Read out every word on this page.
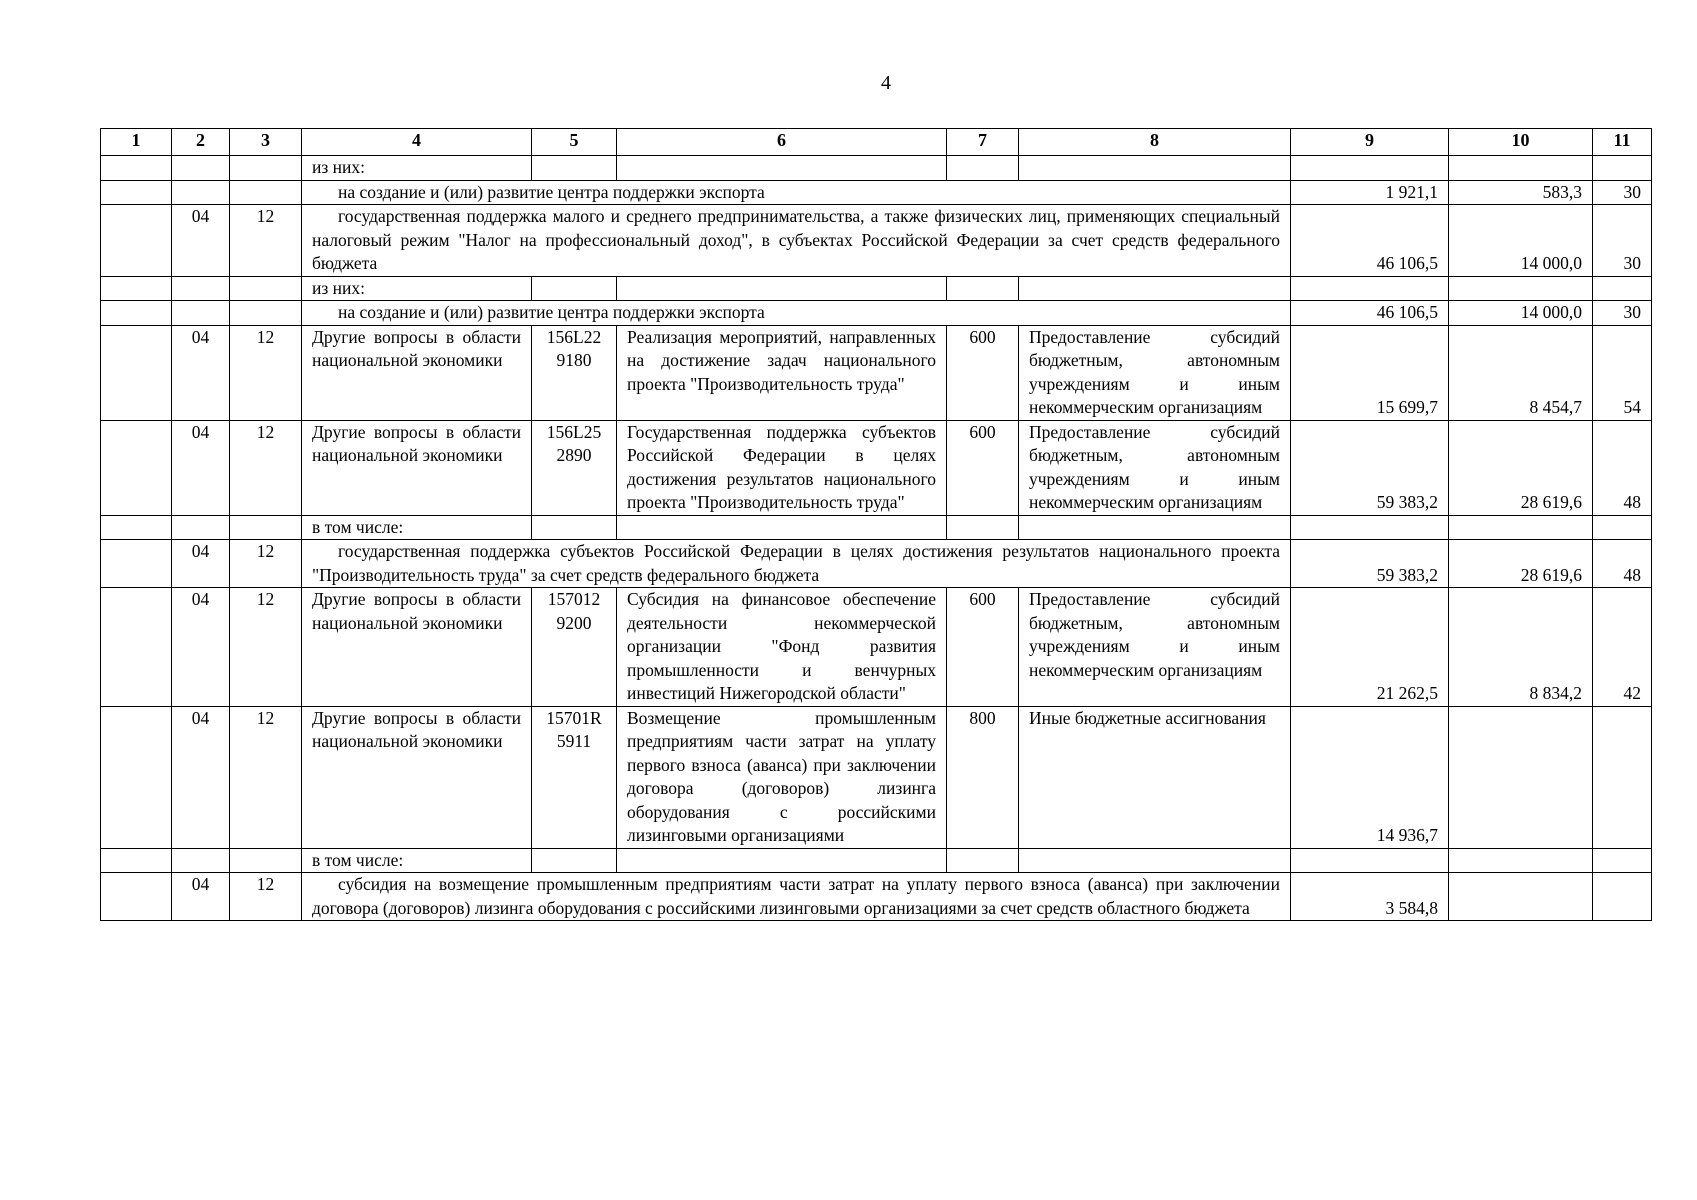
4
1	2	3	4	5	6	7	8	9	10	11
			из них:							
			на создание и (или) развитие центра поддержки экспорта					1 921,1	583,3	30
	04	12	государственная поддержка малого и среднего предпринимательства, а также физических лиц, применяющих специальный налоговый режим "Налог на профессиональный доход", в субъектах Российской Федерации за счет средств федерального бюджета					46 106,5	14 000,0	30
			из них:							
			на создание и (или) развитие центра поддержки экспорта					46 106,5	14 000,0	30
	04	12	Другие вопросы в области национальной экономики	156L22 9180	Реализация мероприятий, направленных на достижение задач национального проекта "Производительность труда"	600	Предоставление субсидий бюджетным, автономным учреждениям и иным некоммерческим организациям	15 699,7	8 454,7	54
	04	12	Другие вопросы в области национальной экономики	156L25 2890	Государственная поддержка субъектов Российской Федерации в целях достижения результатов национального проекта "Производительность труда"	600	Предоставление субсидий бюджетным, автономным учреждениям и иным некоммерческим организациям	59 383,2	28 619,6	48
			в том числе:							
	04	12	государственная поддержка субъектов Российской Федерации в целях достижения результатов национального проекта "Производительность труда" за счет средств федерального бюджета					59 383,2	28 619,6	48
	04	12	Другие вопросы в области национальной экономики	157012 9200	Субсидия на финансовое обеспечение деятельности некоммерческой организации "Фонд развития промышленности и венчурных инвестиций Нижегородской области"	600	Предоставление субсидий бюджетным, автономным учреждениям и иным некоммерческим организациям	21 262,5	8 834,2	42
	04	12	Другие вопросы в области национальной экономики	15701R 5911	Возмещение промышленным предприятиям части затрат на уплату первого взноса (аванса) при заключении договора (договоров) лизинга оборудования с российскими лизинговыми организациями	800	Иные бюджетные ассигнования	14 936,7		
			в том числе:							
	04	12	субсидия на возмещение промышленным предприятиям части затрат на уплату первого взноса (аванса) при заключении договора (договоров) лизинга оборудования с российскими лизинговыми организациями за счет средств областного бюджета					3 584,8		
